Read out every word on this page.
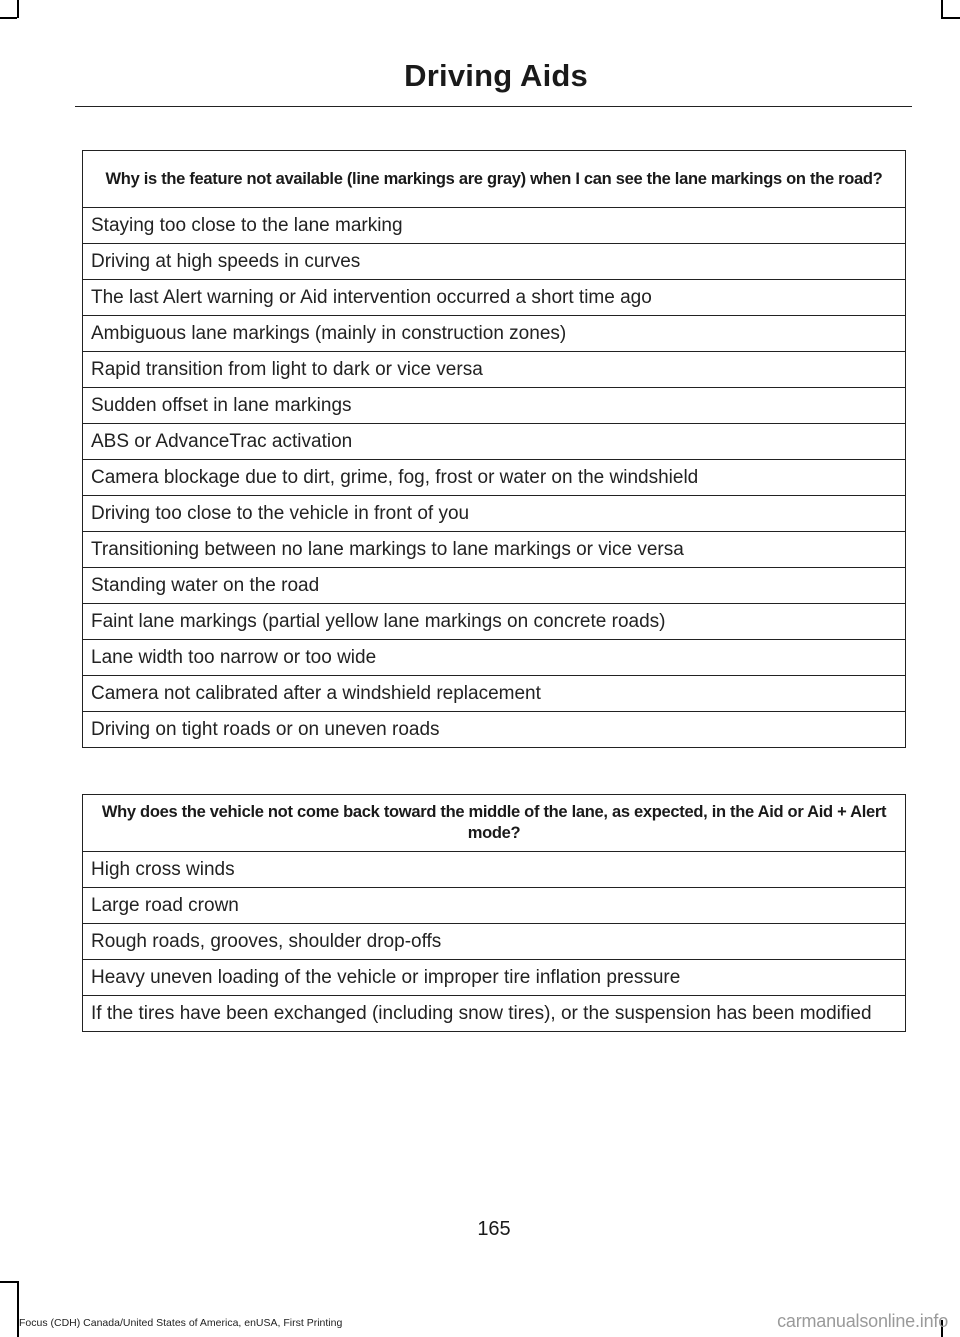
Driving Aids
Why is the feature not available (line markings are gray) when I can see the lane markings on the road?
Staying too close to the lane marking
Driving at high speeds in curves
The last Alert warning or Aid intervention occurred a short time ago
Ambiguous lane markings (mainly in construction zones)
Rapid transition from light to dark or vice versa
Sudden offset in lane markings
ABS or AdvanceTrac activation
Camera blockage due to dirt, grime, fog, frost or water on the windshield
Driving too close to the vehicle in front of you
Transitioning between no lane markings to lane markings or vice versa
Standing water on the road
Faint lane markings (partial yellow lane markings on concrete roads)
Lane width too narrow or too wide
Camera not calibrated after a windshield replacement
Driving on tight roads or on uneven roads
Why does the vehicle not come back toward the middle of the lane, as expected, in the Aid or Aid + Alert mode?
High cross winds
Large road crown
Rough roads, grooves, shoulder drop-offs
Heavy uneven loading of the vehicle or improper tire inflation pressure
If the tires have been exchanged (including snow tires), or the suspension has been modified
165
Focus (CDH) Canada/United States of America, enUSA, First Printing	carmanualsonline.info
